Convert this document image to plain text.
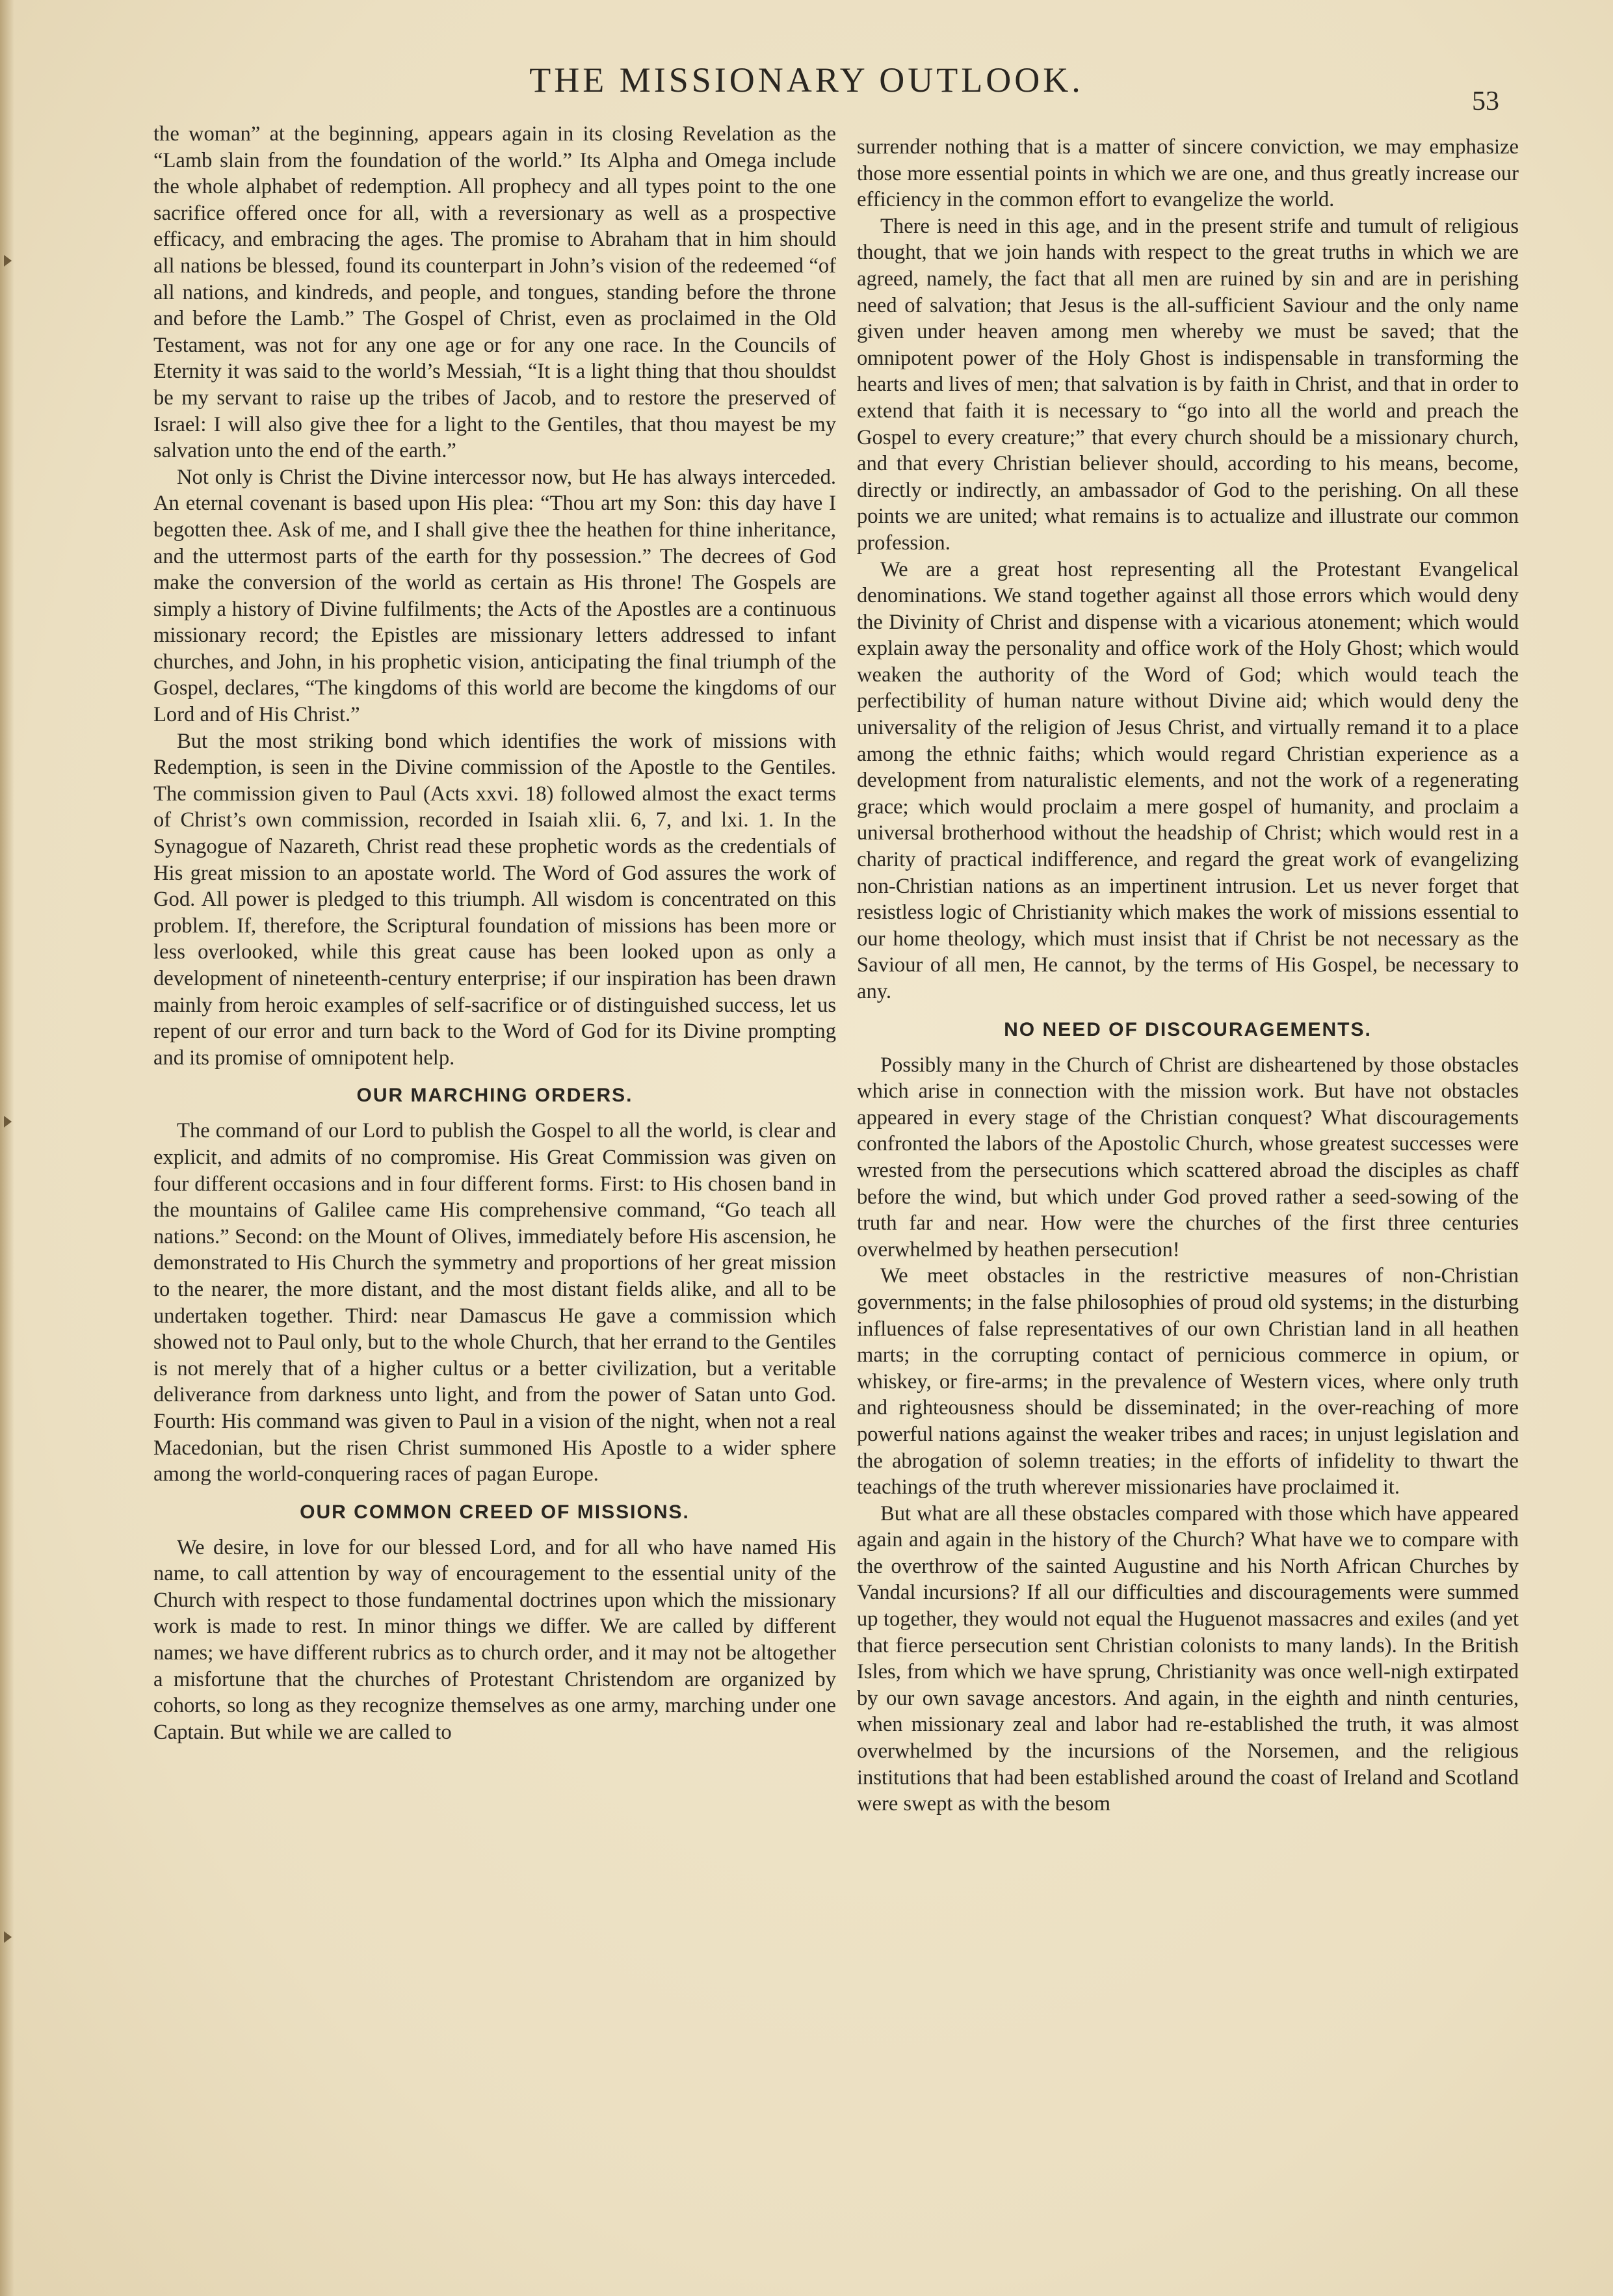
THE MISSIONARY OUTLOOK.
53

the woman” at the beginning, appears again in its closing Revelation as the “Lamb slain from the foundation of the world.” Its Alpha and Omega include the whole alphabet of redemption. All prophecy and all types point to the one sacrifice offered once for all, with a reversionary as well as a prospective efficacy, and embracing the ages. The promise to Abraham that in him should all nations be blessed, found its counterpart in John’s vision of the redeemed “of all nations, and kindreds, and people, and tongues, standing before the throne and before the Lamb.” The Gospel of Christ, even as proclaimed in the Old Testament, was not for any one age or for any one race. In the Councils of Eternity it was said to the world’s Messiah, “It is a light thing that thou shouldst be my servant to raise up the tribes of Jacob, and to restore the preserved of Israel: I will also give thee for a light to the Gentiles, that thou mayest be my salvation unto the end of the earth.”

Not only is Christ the Divine intercessor now, but He has always interceded. An eternal covenant is based upon His plea: “Thou art my Son: this day have I begotten thee. Ask of me, and I shall give thee the heathen for thine inheritance, and the uttermost parts of the earth for thy possession.” The decrees of God make the conversion of the world as certain as His throne! The Gospels are simply a history of Divine fulfilments; the Acts of the Apostles are a continuous missionary record; the Epistles are missionary letters addressed to infant churches, and John, in his prophetic vision, anticipating the final triumph of the Gospel, declares, “The kingdoms of this world are become the kingdoms of our Lord and of His Christ.”

But the most striking bond which identifies the work of missions with Redemption, is seen in the Divine commission of the Apostle to the Gentiles. The commission given to Paul (Acts xxvi. 18) followed almost the exact terms of Christ’s own commission, recorded in Isaiah xlii. 6, 7, and lxi. 1. In the Synagogue of Nazareth, Christ read these prophetic words as the credentials of His great mission to an apostate world. The Word of God assures the work of God. All power is pledged to this triumph. All wisdom is concentrated on this problem. If, therefore, the Scriptural foundation of missions has been more or less overlooked, while this great cause has been looked upon as only a development of nineteenth-century enterprise; if our inspiration has been drawn mainly from heroic examples of self-sacrifice or of distinguished success, let us repent of our error and turn back to the Word of God for its Divine prompting and its promise of omnipotent help.

OUR MARCHING ORDERS.

The command of our Lord to publish the Gospel to all the world, is clear and explicit, and admits of no compromise. His Great Commission was given on four different occasions and in four different forms. First: to His chosen band in the mountains of Galilee came His comprehensive command, “Go teach all nations.” Second: on the Mount of Olives, immediately before His ascension, he demonstrated to His Church the symmetry and proportions of her great mission to the nearer, the more distant, and the most distant fields alike, and all to be undertaken together. Third: near Damascus He gave a commission which showed not to Paul only, but to the whole Church, that her errand to the Gentiles is not merely that of a higher cultus or a better civilization, but a veritable deliverance from darkness unto light, and from the power of Satan unto God. Fourth: His command was given to Paul in a vision of the night, when not a real Macedonian, but the risen Christ summoned His Apostle to a wider sphere among the world-conquering races of pagan Europe.

OUR COMMON CREED OF MISSIONS.

We desire, in love for our blessed Lord, and for all who have named His name, to call attention by way of encouragement to the essential unity of the Church with respect to those fundamental doctrines upon which the missionary work is made to rest. In minor things we differ. We are called by different names; we have different rubrics as to church order, and it may not be altogether a misfortune that the churches of Protestant Christendom are organized by cohorts, so long as they recognize themselves as one army, marching under one Captain. But while we are called to

surrender nothing that is a matter of sincere conviction, we may emphasize those more essential points in which we are one, and thus greatly increase our efficiency in the common effort to evangelize the world.

There is need in this age, and in the present strife and tumult of religious thought, that we join hands with respect to the great truths in which we are agreed, namely, the fact that all men are ruined by sin and are in perishing need of salvation; that Jesus is the all-sufficient Saviour and the only name given under heaven among men whereby we must be saved; that the omnipotent power of the Holy Ghost is indispensable in transforming the hearts and lives of men; that salvation is by faith in Christ, and that in order to extend that faith it is necessary to “go into all the world and preach the Gospel to every creature;” that every church should be a missionary church, and that every Christian believer should, according to his means, become, directly or indirectly, an ambassador of God to the perishing. On all these points we are united; what remains is to actualize and illustrate our common profession.

We are a great host representing all the Protestant Evangelical denominations. We stand together against all those errors which would deny the Divinity of Christ and dispense with a vicarious atonement; which would explain away the personality and office work of the Holy Ghost; which would weaken the authority of the Word of God; which would teach the perfectibility of human nature without Divine aid; which would deny the universality of the religion of Jesus Christ, and virtually remand it to a place among the ethnic faiths; which would regard Christian experience as a development from naturalistic elements, and not the work of a regenerating grace; which would proclaim a mere gospel of humanity, and proclaim a universal brotherhood without the headship of Christ; which would rest in a charity of practical indifference, and regard the great work of evangelizing non-Christian nations as an impertinent intrusion. Let us never forget that resistless logic of Christianity which makes the work of missions essential to our home theology, which must insist that if Christ be not necessary as the Saviour of all men, He cannot, by the terms of His Gospel, be necessary to any.

NO NEED OF DISCOURAGEMENTS.

Possibly many in the Church of Christ are disheartened by those obstacles which arise in connection with the mission work. But have not obstacles appeared in every stage of the Christian conquest? What discouragements confronted the labors of the Apostolic Church, whose greatest successes were wrested from the persecutions which scattered abroad the disciples as chaff before the wind, but which under God proved rather a seed-sowing of the truth far and near. How were the churches of the first three centuries overwhelmed by heathen persecution!

We meet obstacles in the restrictive measures of non-Christian governments; in the false philosophies of proud old systems; in the disturbing influences of false representatives of our own Christian land in all heathen marts; in the corrupting contact of pernicious commerce in opium, or whiskey, or fire-arms; in the prevalence of Western vices, where only truth and righteousness should be disseminated; in the over-reaching of more powerful nations against the weaker tribes and races; in unjust legislation and the abrogation of solemn treaties; in the efforts of infidelity to thwart the teachings of the truth wherever missionaries have proclaimed it.

But what are all these obstacles compared with those which have appeared again and again in the history of the Church? What have we to compare with the overthrow of the sainted Augustine and his North African Churches by Vandal incursions? If all our difficulties and discouragements were summed up together, they would not equal the Huguenot massacres and exiles (and yet that fierce persecution sent Christian colonists to many lands). In the British Isles, from which we have sprung, Christianity was once well-nigh extirpated by our own savage ancestors. And again, in the eighth and ninth centuries, when missionary zeal and labor had re-established the truth, it was almost overwhelmed by the incursions of the Norsemen, and the religious institutions that had been established around the coast of Ireland and Scotland were swept as with the besom
